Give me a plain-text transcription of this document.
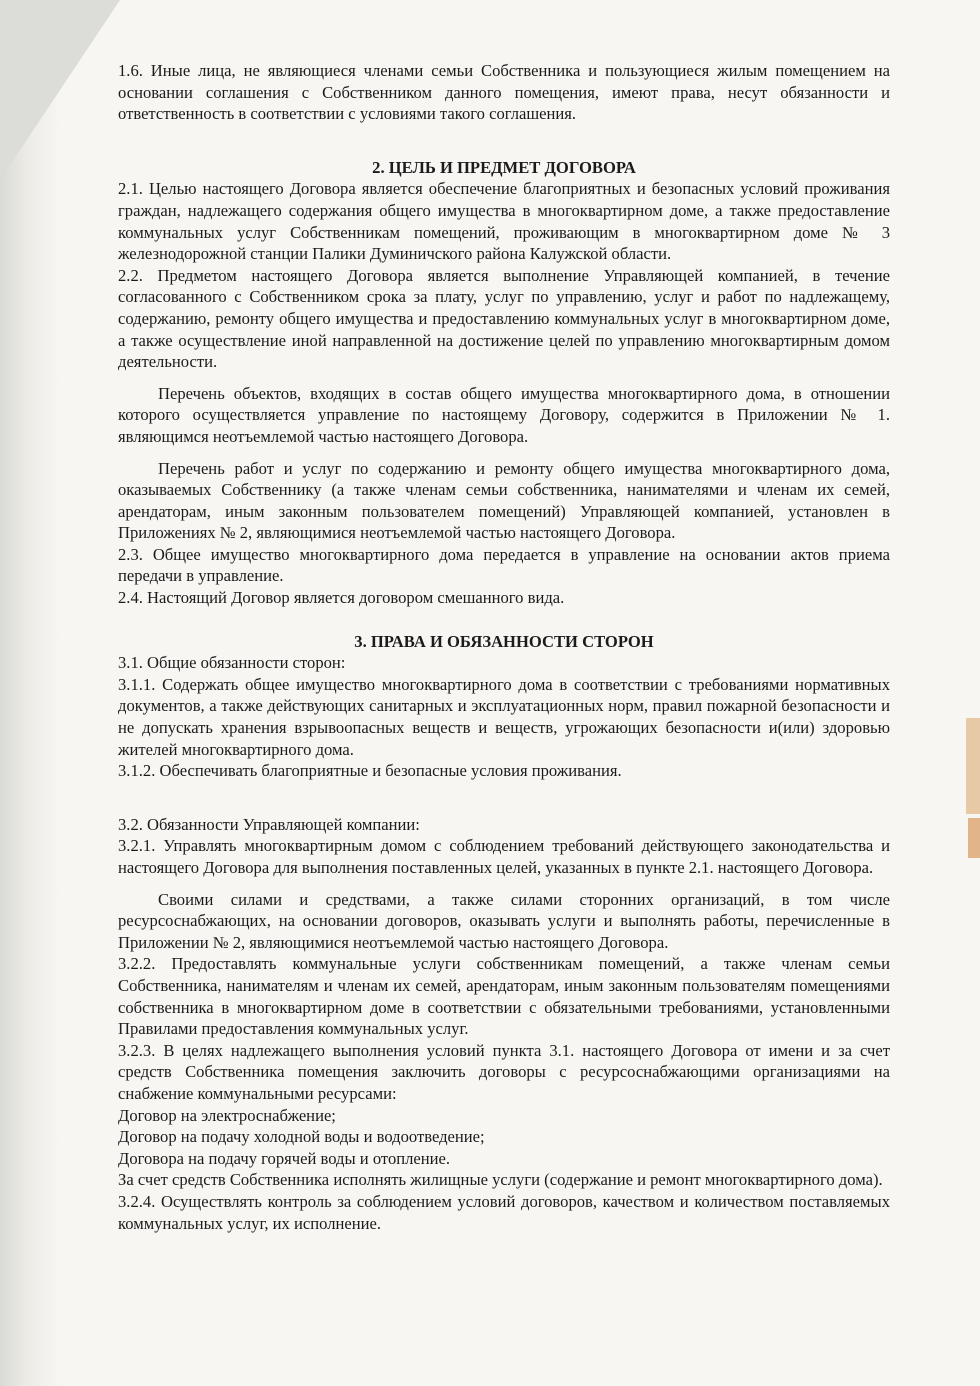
1.6. Иные лица, не являющиеся членами семьи Собственника и пользующиеся жилым помещением на основании соглашения с Собственником данного помещения, имеют права, несут обязанности и ответственность в соответствии с условиями такого соглашения.

2. ЦЕЛЬ И ПРЕДМЕТ ДОГОВОРА

2.1. Целью настоящего Договора является обеспечение благоприятных и безопасных условий проживания граждан, надлежащего содержания общего имущества в многоквартирном доме, а также предоставление коммунальных услуг Собственникам помещений, проживающим в многоквартирном доме № 3 железнодорожной станции Палики Думиничского района Калужской области.

2.2. Предметом настоящего Договора является выполнение Управляющей компанией, в течение согласованного с Собственником срока за плату, услуг по управлению, услуг и работ по надлежащему, содержанию, ремонту общего имущества и предоставлению коммунальных услуг в многоквартирном доме, а также осуществление иной направленной на достижение целей по управлению многоквартирным домом деятельности.

Перечень объектов, входящих в состав общего имущества многоквартирного дома, в отношении которого осуществляется управление по настоящему Договору, содержится в Приложении № 1. являющимся неотъемлемой частью настоящего Договора.

Перечень работ и услуг по содержанию и ремонту общего имущества многоквартирного дома, оказываемых Собственнику (а также членам семьи собственника, нанимателями и членам их семей, арендаторам, иным законным пользователем помещений) Управляющей компанией, установлен в Приложениях № 2, являющимися неотъемлемой частью настоящего Договора.

2.3. Общее имущество многоквартирного дома передается в управление на основании актов приема передачи в управление.

2.4. Настоящий Договор является договором смешанного вида.

3. ПРАВА И ОБЯЗАННОСТИ СТОРОН

3.1. Общие обязанности сторон:

3.1.1. Содержать общее имущество многоквартирного дома в соответствии с требованиями нормативных документов, а также действующих санитарных и эксплуатационных норм, правил пожарной безопасности и не допускать хранения взрывоопасных веществ и веществ, угрожающих безопасности и(или) здоровью жителей многоквартирного дома.

3.1.2. Обеспечивать благоприятные и безопасные условия проживания.

3.2. Обязанности Управляющей компании:

3.2.1. Управлять многоквартирным домом с соблюдением требований действующего законодательства и настоящего Договора для выполнения поставленных целей, указанных в пункте 2.1. настоящего Договора.

Своими силами и средствами, а также силами сторонних организаций, в том числе ресурсоснабжающих, на основании договоров, оказывать услуги и выполнять работы, перечисленные в Приложении № 2, являющимися неотъемлемой частью настоящего Договора.

3.2.2. Предоставлять коммунальные услуги собственникам помещений, а также членам семьи Собственника, нанимателям и членам их семей, арендаторам, иным законным пользователям помещениями собственника в многоквартирном доме в соответствии с обязательными требованиями, установленными Правилами предоставления коммунальных услуг.

3.2.3. В целях надлежащего выполнения условий пункта 3.1. настоящего Договора от имени и за счет средств Собственника помещения заключить договоры с ресурсоснабжающими организациями на снабжение коммунальными ресурсами:

Договор на электроснабжение;

Договор на подачу холодной воды и водоотведение;

Договора на подачу горячей воды и отопление.

За счет средств Собственника исполнять жилищные услуги (содержание и ремонт многоквартирного дома).

3.2.4. Осуществлять контроль за соблюдением условий договоров, качеством и количеством поставляемых коммунальных услуг, их исполнение.
